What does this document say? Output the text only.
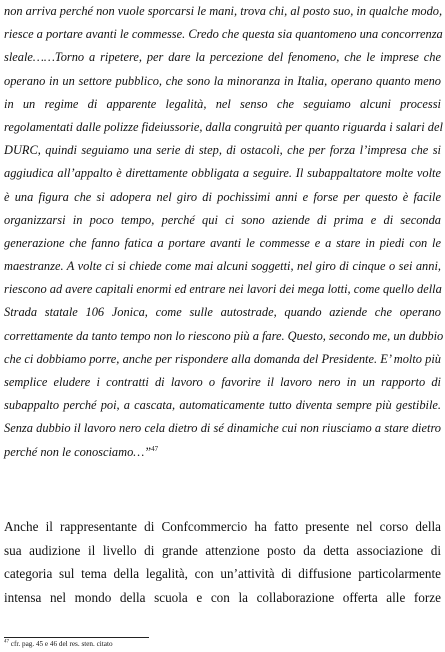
non arriva perché non vuole sporcarsi le mani, trova chi, al posto suo, in qualche modo,
riesce a portare avanti le commesse. Credo che questa sia quantomeno una concorrenza
sleale……Torno a ripetere, per dare la percezione del fenomeno, che le imprese che
operano in un settore pubblico, che sono la minoranza in Italia, operano quanto meno
in un regime di apparente legalità, nel senso che seguiamo alcuni processi
regolamentati dalle polizze fideiussorie, dalla congruità per quanto riguarda i salari del
DURC, quindi seguiamo una serie di step, di ostacoli, che per forza l’impresa che si
aggiudica all’appalto è direttamente obbligata a seguire. Il subappaltatore molte volte
è una figura che si adopera nel giro di pochissimi anni e forse per questo è facile
organizzarsi in poco tempo, perché qui ci sono aziende di prima e di seconda
generazione che fanno fatica a portare avanti le commesse e a stare in piedi con le
maestranze. A volte ci si chiede come mai alcuni soggetti, nel giro di cinque o sei anni,
riescono ad avere capitali enormi ed entrare nei lavori dei mega lotti, come quello della
Strada statale 106 Jonica, come sulle autostrade, quando aziende che operano
correttamente da tanto tempo non lo riescono più a fare. Questo, secondo me, un dubbio
che ci dobbiamo porre, anche per rispondere alla domanda del Presidente. E’ molto più
semplice eludere i contratti di lavoro o favorire il lavoro nero in un rapporto di
subappalto perché poi, a cascata, automaticamente tutto diventa sempre più gestibile.
Senza dubbio il lavoro nero cela dietro di sé dinamiche cui non riusciamo a stare dietro
perché non le conosciamo…”$^{47}$
Anche il rappresentante di Confcommercio ha fatto presente nel corso della
sua audizione il livello di grande attenzione posto da detta associazione di
categoria sul tema della legalità, con un’attività di diffusione particolarmente
intensa nel mondo della scuola e con la collaborazione offerta alle forze
$^{47}$ cfr. pag. 45 e 46 del res. sten. citato
